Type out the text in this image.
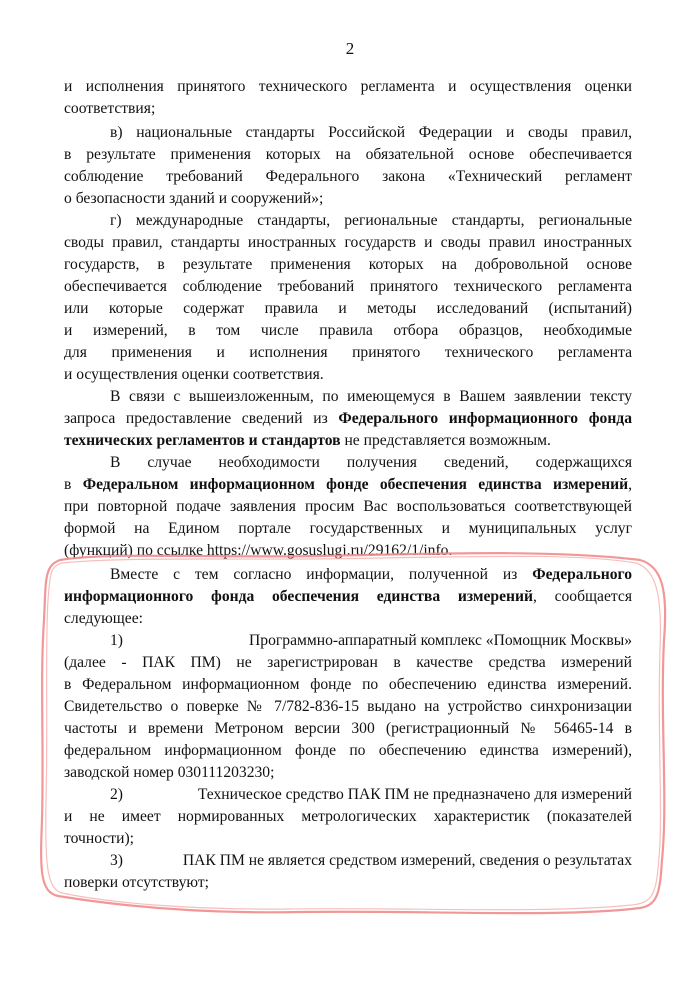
2
и исполнения принятого технического регламента и осуществления оценки
соответствия;
в) национальные стандарты Российской Федерации и своды правил,
в результате применения которых на обязательной основе обеспечивается
соблюдение требований Федерального закона «Технический регламент
о безопасности зданий и сооружений»;
г) международные стандарты, региональные стандарты, региональные
своды правил, стандарты иностранных государств и своды правил иностранных
государств, в результате применения которых на добровольной основе
обеспечивается соблюдение требований принятого технического регламента
или которые содержат правила и методы исследований (испытаний)
и измерений, в том числе правила отбора образцов, необходимые
для применения и исполнения принятого технического регламента
и осуществления оценки соответствия.
В связи с вышеизложенным, по имеющемуся в Вашем заявлении тексту
запроса предоставление сведений из Федерального информационного фонда
технических регламентов и стандартов не представляется возможным.
В случае необходимости получения сведений, содержащихся
в Федеральном информационном фонде обеспечения единства измерений,
при повторной подаче заявления просим Вас воспользоваться соответствующей
формой на Едином портале государственных и муниципальных услуг
(функций) по ссылке https://www.gosuslugi.ru/29162/1/info.
Вместе с тем согласно информации, полученной из Федерального
информационного фонда обеспечения единства измерений, сообщается
следующее:
1)	Программно-аппаратный комплекс «Помощник Москвы»
(далее - ПАК ПМ) не зарегистрирован в качестве средства измерений
в Федеральном информационном фонде по обеспечению единства измерений.
Свидетельство о поверке № 7/782-836-15 выдано на устройство синхронизации
частоты и времени Метроном версии 300 (регистрационный № 56465-14 в
федеральном информационном фонде по обеспечению единства измерений),
заводской номер 030111203230;
2)	Техническое средство ПАК ПМ не предназначено для измерений
и не имеет нормированных метрологических характеристик (показателей
точности);
3)	ПАК ПМ не является средством измерений, сведения о результатах
поверки отсутствуют;
